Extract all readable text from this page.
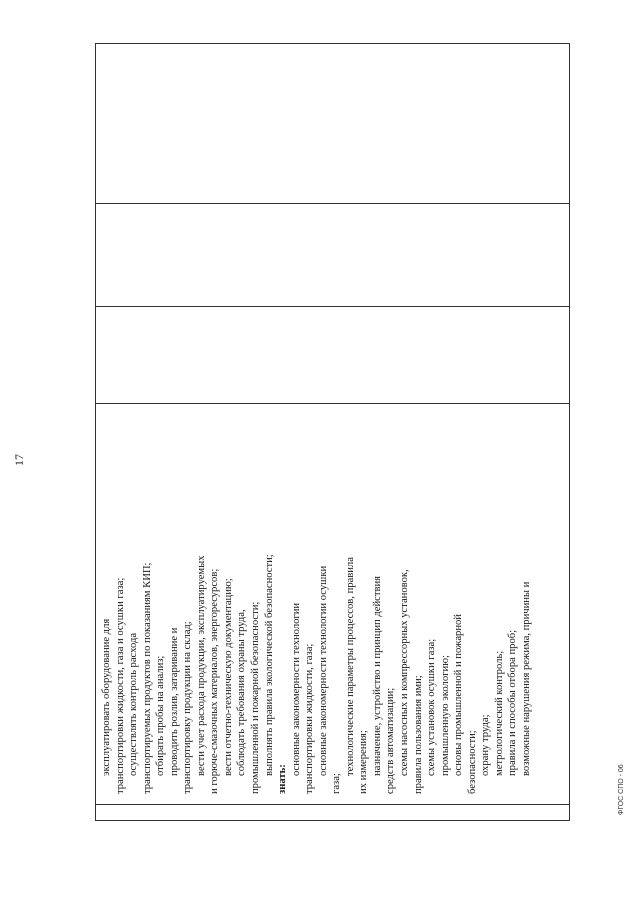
17
эксплуатировать оборудование для транспортировки жидкости, газа и осушки газа; осуществлять контроль расхода транспортируемых продуктов по показаниям КИП; отбирать пробы на анализ; проводить розлив, затаривание и транспортировку продукции на склад; вести учет расхода продукции, эксплуатируемых и горюче-смазочных материалов, энергоресурсов; вести отчетно-техническую документацию; соблюдать требования охраны труда, промышленной и пожарной безопасности; выполнять правила экологической безопасности;
знать:
основные закономерности технологии транспортировки жидкости, газа; основные закономерности технологии осушки
газа;
технологические параметры процессов, правила их измерения; назначение, устройство и принцип действия средств автоматизации; схемы насосных и компрессорных установок, правила пользования ими; схемы установок осушки газа; промышленную экологию; основы промышленной и пожарной безопасности; охрану труда; метрологический контроль; правила и способы отбора проб; возможные нарушения режима, причины и
ФГОС СПО - 06
